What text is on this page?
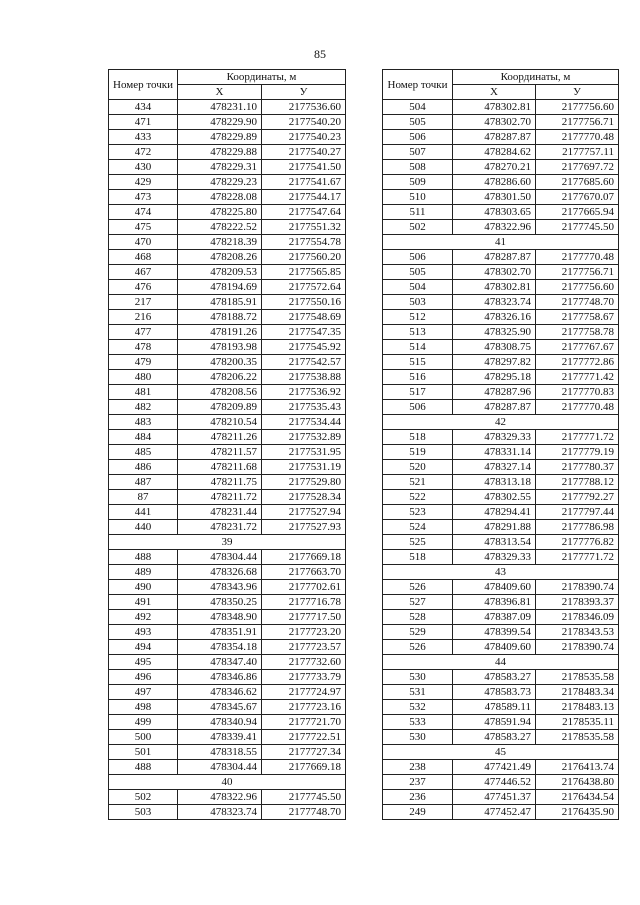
85
Номер точки	Координаты, м	
	Х	У
434	478231.10	2177536.60
471	478229.90	2177540.20
433	478229.89	2177540.23
472	478229.88	2177540.27
430	478229.31	2177541.50
429	478229.23	2177541.67
473	478228.08	2177544.17
474	478225.80	2177547.64
475	478222.52	2177551.32
470	478218.39	2177554.78
468	478208.26	2177560.20
467	478209.53	2177565.85
476	478194.69	2177572.64
217	478185.91	2177550.16
216	478188.72	2177548.69
477	478191.26	2177547.35
478	478193.98	2177545.92
479	478200.35	2177542.57
480	478206.22	2177538.88
481	478208.56	2177536.92
482	478209.89	2177535.43
483	478210.54	2177534.44
484	478211.26	2177532.89
485	478211.57	2177531.95
486	478211.68	2177531.19
487	478211.75	2177529.80
87	478211.72	2177528.34
441	478231.44	2177527.94
440	478231.72	2177527.93
39		
488	478304.44	2177669.18
489	478326.68	2177663.70
490	478343.96	2177702.61
491	478350.25	2177716.78
492	478348.90	2177717.50
493	478351.91	2177723.20
494	478354.18	2177723.57
495	478347.40	2177732.60
496	478346.86	2177733.79
497	478346.62	2177724.97
498	478345.67	2177723.16
499	478340.94	2177721.70
500	478339.41	2177722.51
501	478318.55	2177727.34
488	478304.44	2177669.18
40		
502	478322.96	2177745.50
503	478323.74	2177748.70
Номер точки	Координаты, м	
	Х	У
504	478302.81	2177756.60
505	478302.70	2177756.71
506	478287.87	2177770.48
507	478284.62	2177757.11
508	478270.21	2177697.72
509	478286.60	2177685.60
510	478301.50	2177670.07
511	478303.65	2177665.94
502	478322.96	2177745.50
41		
506	478287.87	2177770.48
505	478302.70	2177756.71
504	478302.81	2177756.60
503	478323.74	2177748.70
512	478326.16	2177758.67
513	478325.90	2177758.78
514	478308.75	2177767.67
515	478297.82	2177772.86
516	478295.18	2177771.42
517	478287.96	2177770.83
506	478287.87	2177770.48
42		
518	478329.33	2177771.72
519	478331.14	2177779.19
520	478327.14	2177780.37
521	478313.18	2177788.12
522	478302.55	2177792.27
523	478294.41	2177797.44
524	478291.88	2177786.98
525	478313.54	2177776.82
518	478329.33	2177771.72
43		
526	478409.60	2178390.74
527	478396.81	2178393.37
528	478387.09	2178346.09
529	478399.54	2178343.53
526	478409.60	2178390.74
44		
530	478583.27	2178535.58
531	478583.73	2178483.34
532	478589.11	2178483.13
533	478591.94	2178535.11
530	478583.27	2178535.58
45		
238	477421.49	2176413.74
237	477446.52	2176438.80
236	477451.37	2176434.54
249	477452.47	2176435.90
